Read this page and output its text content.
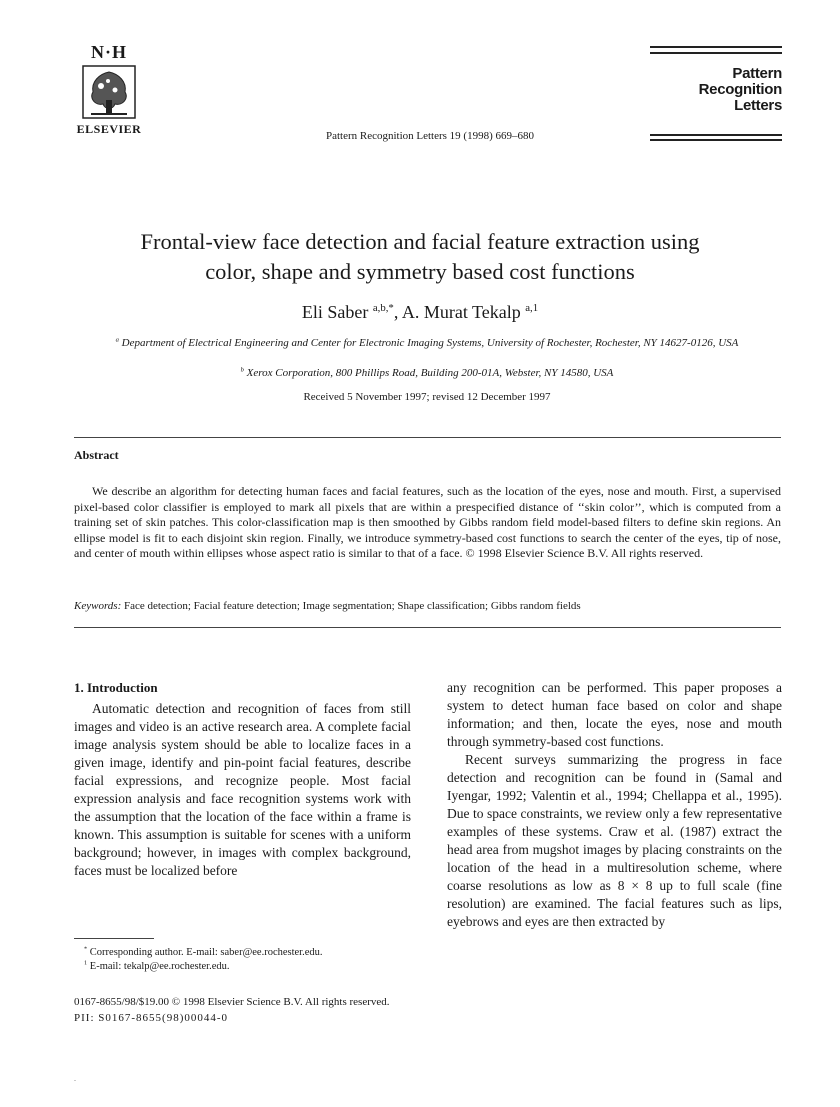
N·H
ELSEVIER	Pattern Recognition Letters 19 (1998) 669–680
Pattern Recognition
Letters
Frontal-view face detection and facial feature extraction using
color, shape and symmetry based cost functions
Eli Saber $^{a,b,*}$, A. Murat Tekalp $^{a,1}$
$^a$ Department of Electrical Engineering and Center for Electronic Imaging Systems, University of Rochester, Rochester, NY 14627-0126, USA
$^b$ Xerox Corporation, 800 Phillips Road, Building 200-01A, Webster, NY 14580, USA
Received 5 November 1997; revised 12 December 1997
Abstract
We describe an algorithm for detecting human faces and facial features, such as the location of the eyes, nose and mouth. First, a supervised pixel-based color classifier is employed to mark all pixels that are within a prespecified distance of ‘‘skin color’’, which is computed from a training set of skin patches. This color-classification map is then smoothed by Gibbs random field model-based filters to define skin regions. An ellipse model is fit to each disjoint skin region. Finally, we introduce symmetry-based cost functions to search the center of the eyes, tip of nose, and center of mouth within ellipses whose aspect ratio is similar to that of a face. © 1998 Elsevier Science B.V. All rights reserved.
Keywords: Face detection; Facial feature detection; Image segmentation; Shape classification; Gibbs random fields
1. Introduction

Automatic detection and recognition of faces from still images and video is an active research area. A complete facial image analysis system should be able to localize faces in a given image, identify and pin-point facial features, describe facial expressions, and recognize people. Most facial expression analysis and face recognition systems work with the assumption that the location of the face within a frame is known. This assumption is suitable for scenes with a uniform background; however, in images with complex background, faces must be localized before

any recognition can be performed. This paper proposes a system to detect human face based on color and shape information; and then, locate the eyes, nose and mouth through symmetry-based cost functions.

Recent surveys summarizing the progress in face detection and recognition can be found in (Samal and Iyengar, 1992; Valentin et al., 1994; Chellappa et al., 1995). Due to space constraints, we review only a few representative examples of these systems. Craw et al. (1987) extract the head area from mugshot images by placing constraints on the location of the head in a multiresolution scheme, where coarse resolutions as low as 8 × 8 up to full scale (fine resolution) are examined. The facial features such as lips, eyebrows and eyes are then extracted by

* Corresponding author. E-mail: saber@ee.rochester.edu.
$^1$ E-mail: tekalp@ee.rochester.edu.
0167-8655/98/$19.00 © 1998 Elsevier Science B.V. All rights reserved.
PII: S0167-8655(98)00044-0
.
